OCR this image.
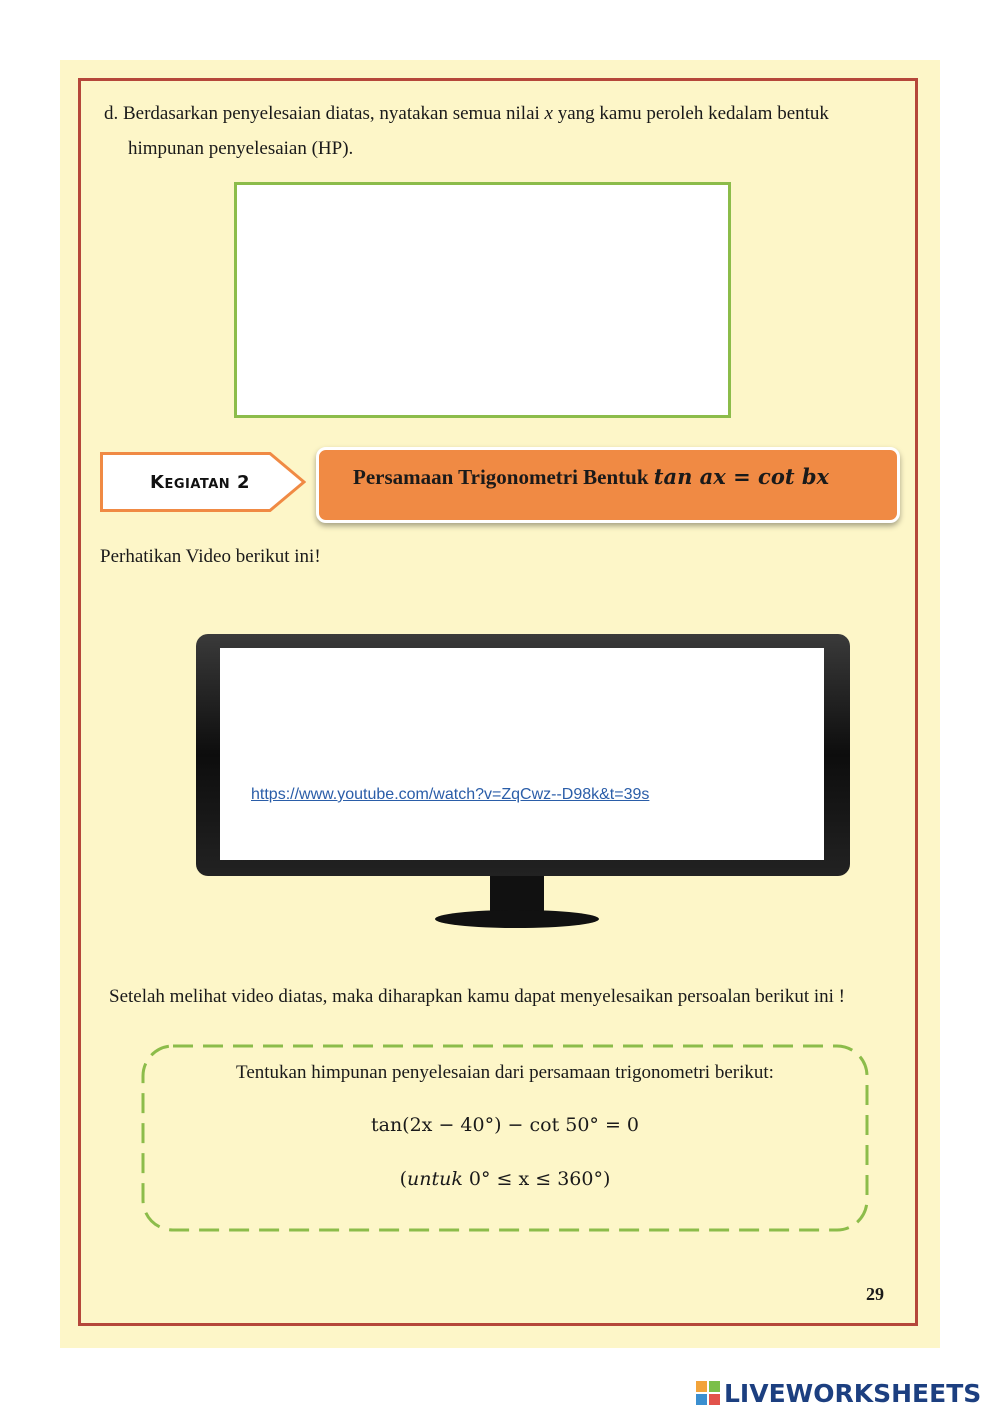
d. Berdasarkan penyelesaian diatas, nyatakan semua nilai x yang kamu peroleh kedalam bentuk
himpunan penyelesaian (HP).
Kegiatan 2	Persamaan Trigonometri Bentuk tan ax = cot bx
Perhatikan Video berikut ini!
https://www.youtube.com/watch?v=ZqCwz--D98k&t=39s
Setelah melihat video diatas, maka diharapkan kamu dapat menyelesaikan persoalan berikut ini !
Tentukan himpunan penyelesaian dari persamaan trigonometri berikut:
tan(2x − 40°) − cot 50° = 0
(untuk 0° ≤ x ≤ 360°)
29
LIVEWORKSHEETS
